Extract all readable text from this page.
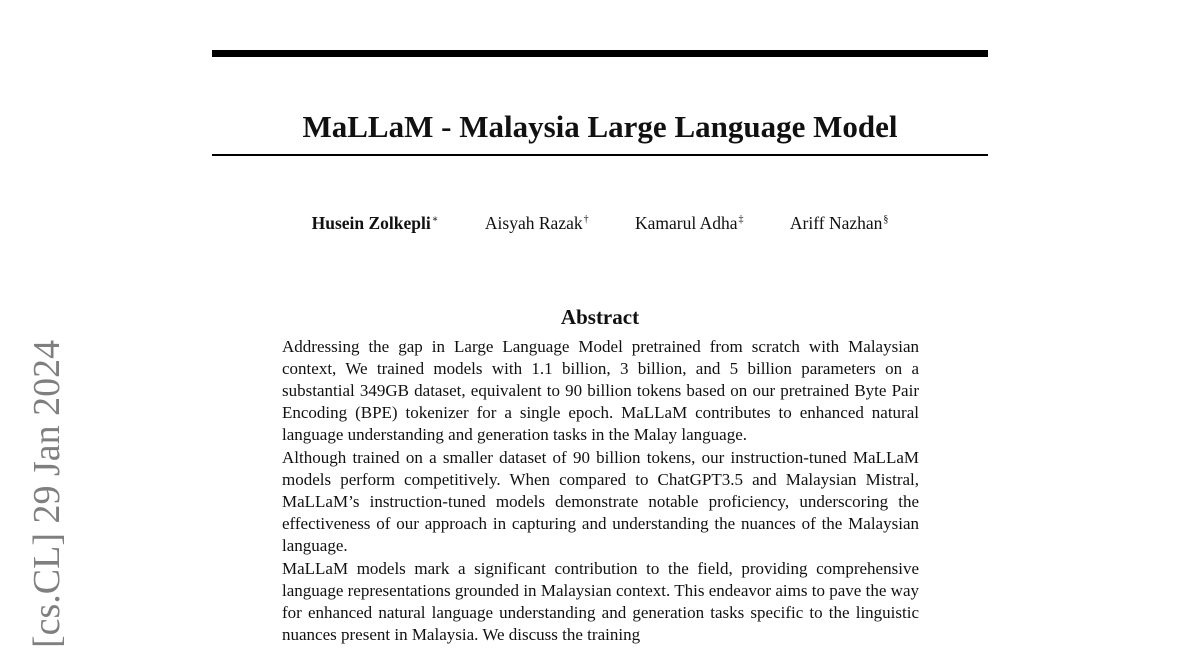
MaLLaM - Malaysia Large Language Model
Husein Zolkepli∗	Aisyah Razak†	Kamarul Adha‡	Ariff Nazhan§
Abstract

Addressing the gap in Large Language Model pretrained from scratch with Malaysian context, We trained models with 1.1 billion, 3 billion, and 5 billion parameters on a substantial 349GB dataset, equivalent to 90 billion tokens based on our pretrained Byte Pair Encoding (BPE) tokenizer for a single epoch. MaLLaM contributes to enhanced natural language understanding and generation tasks in the Malay language.

Although trained on a smaller dataset of 90 billion tokens, our instruction-tuned MaLLaM models perform competitively. When compared to ChatGPT3.5 and Malaysian Mistral, MaLLaM’s instruction-tuned models demonstrate notable proficiency, underscoring the effectiveness of our approach in capturing and understanding the nuances of the Malaysian language.

MaLLaM models mark a significant contribution to the field, providing comprehensive language representations grounded in Malaysian context. This endeavor aims to pave the way for enhanced natural language understanding and generation tasks specific to the linguistic nuances present in Malaysia. We discuss the training

[cs.CL] 29 Jan 2024
